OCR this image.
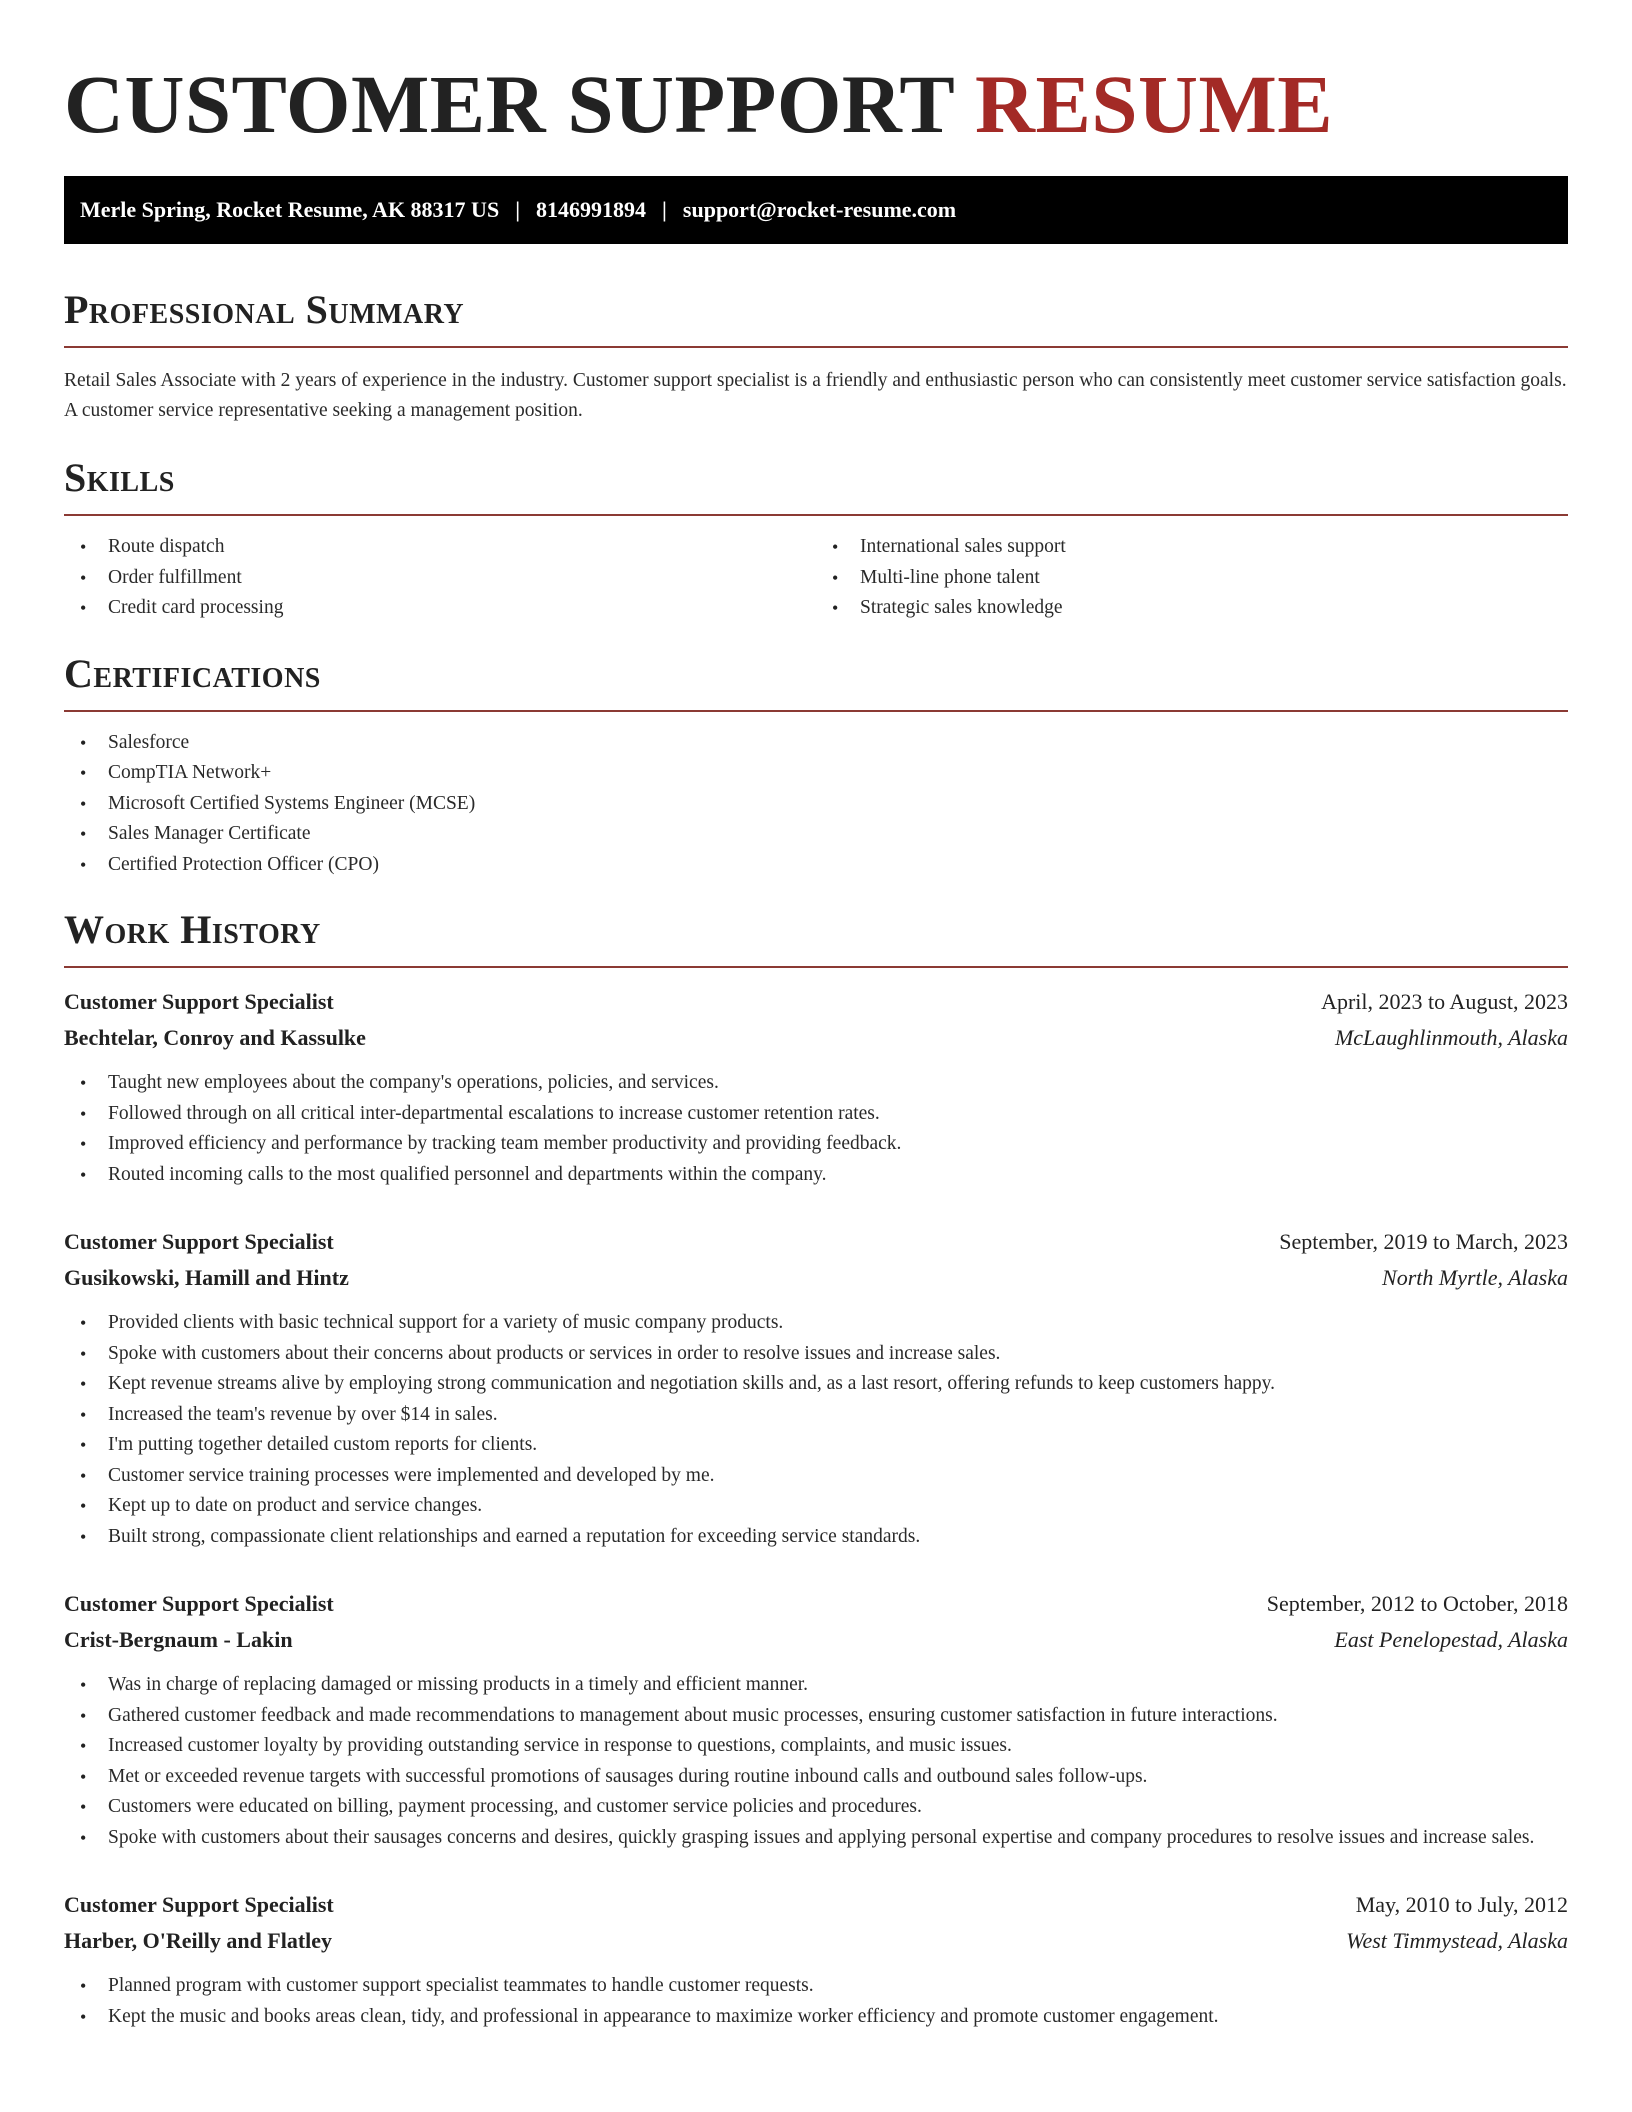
CUSTOMER SUPPORT RESUME
Merle Spring, Rocket Resume, AK 88317 US | 8146991894 | support@rocket-resume.com
Professional Summary

Retail Sales Associate with 2 years of experience in the industry. Customer support specialist is a friendly and enthusiastic person who can consistently meet customer service satisfaction goals. A customer service representative seeking a management position.

Skills
• Route dispatch
• Order fulfillment
• Credit card processing
• International sales support
• Multi-line phone talent
• Strategic sales knowledge
Certifications
• Salesforce
• CompTIA Network+
• Microsoft Certified Systems Engineer (MCSE)
• Sales Manager Certificate
• Certified Protection Officer (CPO)
Work History
Customer Support Specialist	April, 2023 to August, 2023
Bechtelar, Conroy and Kassulke	McLaughlinmouth, Alaska
• Taught new employees about the company's operations, policies, and services.
• Followed through on all critical inter-departmental escalations to increase customer retention rates.
• Improved efficiency and performance by tracking team member productivity and providing feedback.
• Routed incoming calls to the most qualified personnel and departments within the company.
Customer Support Specialist	September, 2019 to March, 2023
Gusikowski, Hamill and Hintz	North Myrtle, Alaska
• Provided clients with basic technical support for a variety of music company products.
• Spoke with customers about their concerns about products or services in order to resolve issues and increase sales.
• Kept revenue streams alive by employing strong communication and negotiation skills and, as a last resort, offering refunds to keep customers happy.
• Increased the team's revenue by over $14 in sales.
• I'm putting together detailed custom reports for clients.
• Customer service training processes were implemented and developed by me.
• Kept up to date on product and service changes.
• Built strong, compassionate client relationships and earned a reputation for exceeding service standards.
Customer Support Specialist	September, 2012 to October, 2018
Crist-Bergnaum - Lakin	East Penelopestad, Alaska
• Was in charge of replacing damaged or missing products in a timely and efficient manner.
• Gathered customer feedback and made recommendations to management about music processes, ensuring customer satisfaction in future interactions.
• Increased customer loyalty by providing outstanding service in response to questions, complaints, and music issues.
• Met or exceeded revenue targets with successful promotions of sausages during routine inbound calls and outbound sales follow-ups.
• Customers were educated on billing, payment processing, and customer service policies and procedures.
• Spoke with customers about their sausages concerns and desires, quickly grasping issues and applying personal expertise and company procedures to resolve issues and increase sales.
Customer Support Specialist	May, 2010 to July, 2012
Harber, O'Reilly and Flatley	West Timmystead, Alaska
• Planned program with customer support specialist teammates to handle customer requests.
• Kept the music and books areas clean, tidy, and professional in appearance to maximize worker efficiency and promote customer engagement.
